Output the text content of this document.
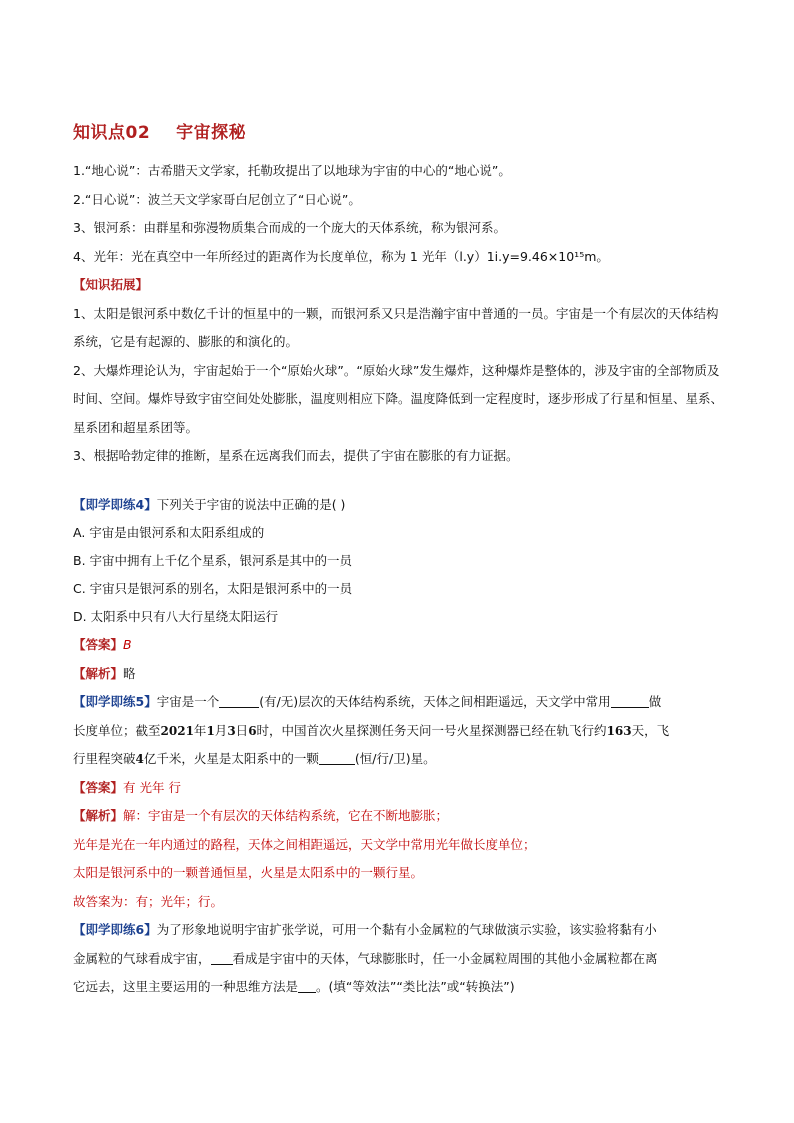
知识点02 宇宙探秘
1.“地心说”：古希腊天文学家，托勒玫提出了以地球为宇宙的中心的“地心说”。
2.“日心说”：波兰天文学家哥白尼创立了“日心说”。
3、银河系：由群星和弥漫物质集合而成的一个庞大的天体系统，称为银河系。
4、光年：光在真空中一年所经过的距离作为长度单位，称为 1 光年（l.y）1i.y=9.46×10¹⁵m。
【知识拓展】
1、太阳是银河系中数亿千计的恒星中的一颗，而银河系又只是浩瀚宇宙中普通的一员。宇宙是一个有层次的天体结构系统，它是有起源的、膨胀的和演化的。
2、大爆炸理论认为，宇宙起始于一个“原始火球”。“原始火球”发生爆炸，这种爆炸是整体的，涉及宇宙的全部物质及时间、空间。爆炸导致宇宙空间处处膨胀，温度则相应下降。温度降低到一定程度时，逐步形成了行星和恒星、星系、星系团和超星系团等。
3、根据哈勃定律的推断，星系在远离我们而去，提供了宇宙在膨胀的有力证据。
【即学即练4】下列关于宇宙的说法中正确的是( )
A. 宇宙是由银河系和太阳系组成的
B. 宇宙中拥有上千亿个星系，银河系是其中的一员
C. 宇宙只是银河系的别名，太阳是银河系中的一员
D. 太阳系中只有八大行星绕太阳运行
【答案】B
【解析】略
【即学即练5】宇宙是一个	(有/无)层次的天体结构系统，天体之间相距遥远，天文学中常用	做
长度单位；截至2021年1月3日6时，中国首次火星探测任务天问一号火星探测器已经在轨飞行约163天，飞
行里程突破4亿千米，火星是太阳系中的一颗	(恒/行/卫)星。
【答案】有 光年 行
【解析】解：宇宙是一个有层次的天体结构系统，它在不断地膨胀；
光年是光在一年内通过的路程，天体之间相距遥远，天文学中常用光年做长度单位；
太阳是银河系中的一颗普通恒星，火星是太阳系中的一颗行星。
故答案为：有；光年；行。
【即学即练6】为了形象地说明宇宙扩张学说，可用一个黏有小金属粒的气球做演示实验，该实验将黏有小
金属粒的气球看成宇宙， 看成是宇宙中的天体，气球膨胀时，任一小金属粒周围的其他小金属粒都在离
它远去，这里主要运用的一种思维方法是 。(填“等效法”“类比法”或“转换法”)
